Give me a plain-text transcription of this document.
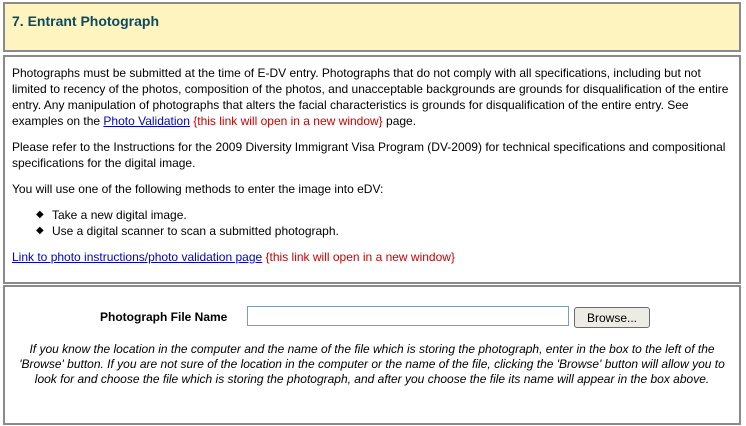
7. Entrant Photograph

Photographs must be submitted at the time of E-DV entry. Photographs that do not comply with all specifications, including but not limited to recency of the photos, composition of the photos, and unacceptable backgrounds are grounds for disqualification of the entire entry. Any manipulation of photographs that alters the facial characteristics is grounds for disqualification of the entire entry. See examples on the Photo Validation {this link will open in a new window} page.

Please refer to the Instructions for the 2009 Diversity Immigrant Visa Program (DV-2009) for technical specifications and compositional specifications for the digital image.

You will use one of the following methods to enter the image into eDV:

◆ Take a new digital image.
◆ Use a digital scanner to scan a submitted photograph.

Link to photo instructions/photo validation page {this link will open in a new window}

Photograph File Name	Browse...
If you know the location in the computer and the name of the file which is storing the photograph, enter in the box to the left of the 'Browse' button. If you are not sure of the location in the computer or the name of the file, clicking the 'Browse' button will allow you to look for and choose the file which is storing the photograph, and after you choose the file its name will appear in the box above.
